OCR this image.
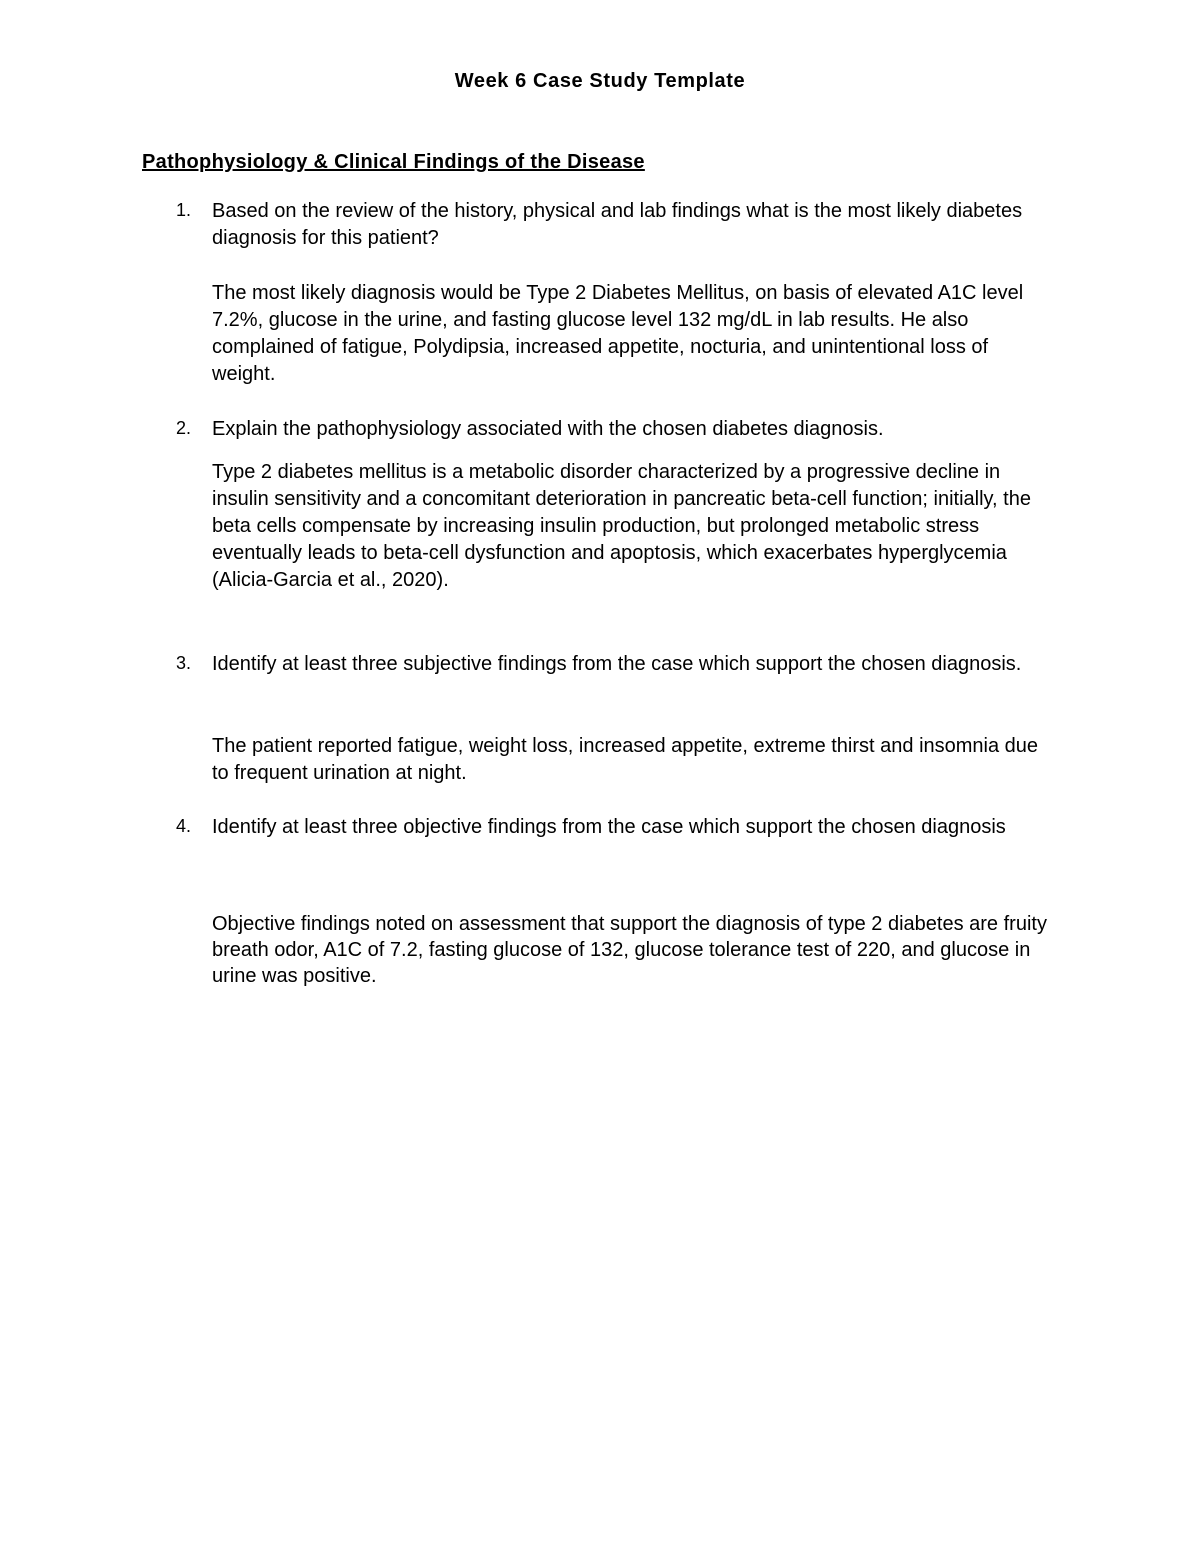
Week 6 Case Study Template
Pathophysiology & Clinical Findings of the Disease
1. Based on the review of the history, physical and lab findings what is the most likely diabetes diagnosis for this patient?

The most likely diagnosis would be Type 2 Diabetes Mellitus, on basis of elevated A1C level 7.2%, glucose in the urine, and fasting glucose level 132 mg/dL in lab results. He also complained of fatigue, Polydipsia, increased appetite, nocturia, and unintentional loss of weight.

2. Explain the pathophysiology associated with the chosen diabetes diagnosis.

Type 2 diabetes mellitus is a metabolic disorder characterized by a progressive decline in insulin sensitivity and a concomitant deterioration in pancreatic beta-cell function; initially, the beta cells compensate by increasing insulin production, but prolonged metabolic stress eventually leads to beta-cell dysfunction and apoptosis, which exacerbates hyperglycemia (Alicia-Garcia et al., 2020).

3. Identify at least three subjective findings from the case which support the chosen diagnosis.

The patient reported fatigue, weight loss, increased appetite, extreme thirst and insomnia due to frequent urination at night.

4. Identify at least three objective findings from the case which support the chosen diagnosis

Objective findings noted on assessment that support the diagnosis of type 2 diabetes are fruity breath odor, A1C of 7.2, fasting glucose of 132, glucose tolerance test of 220, and glucose in urine was positive.
